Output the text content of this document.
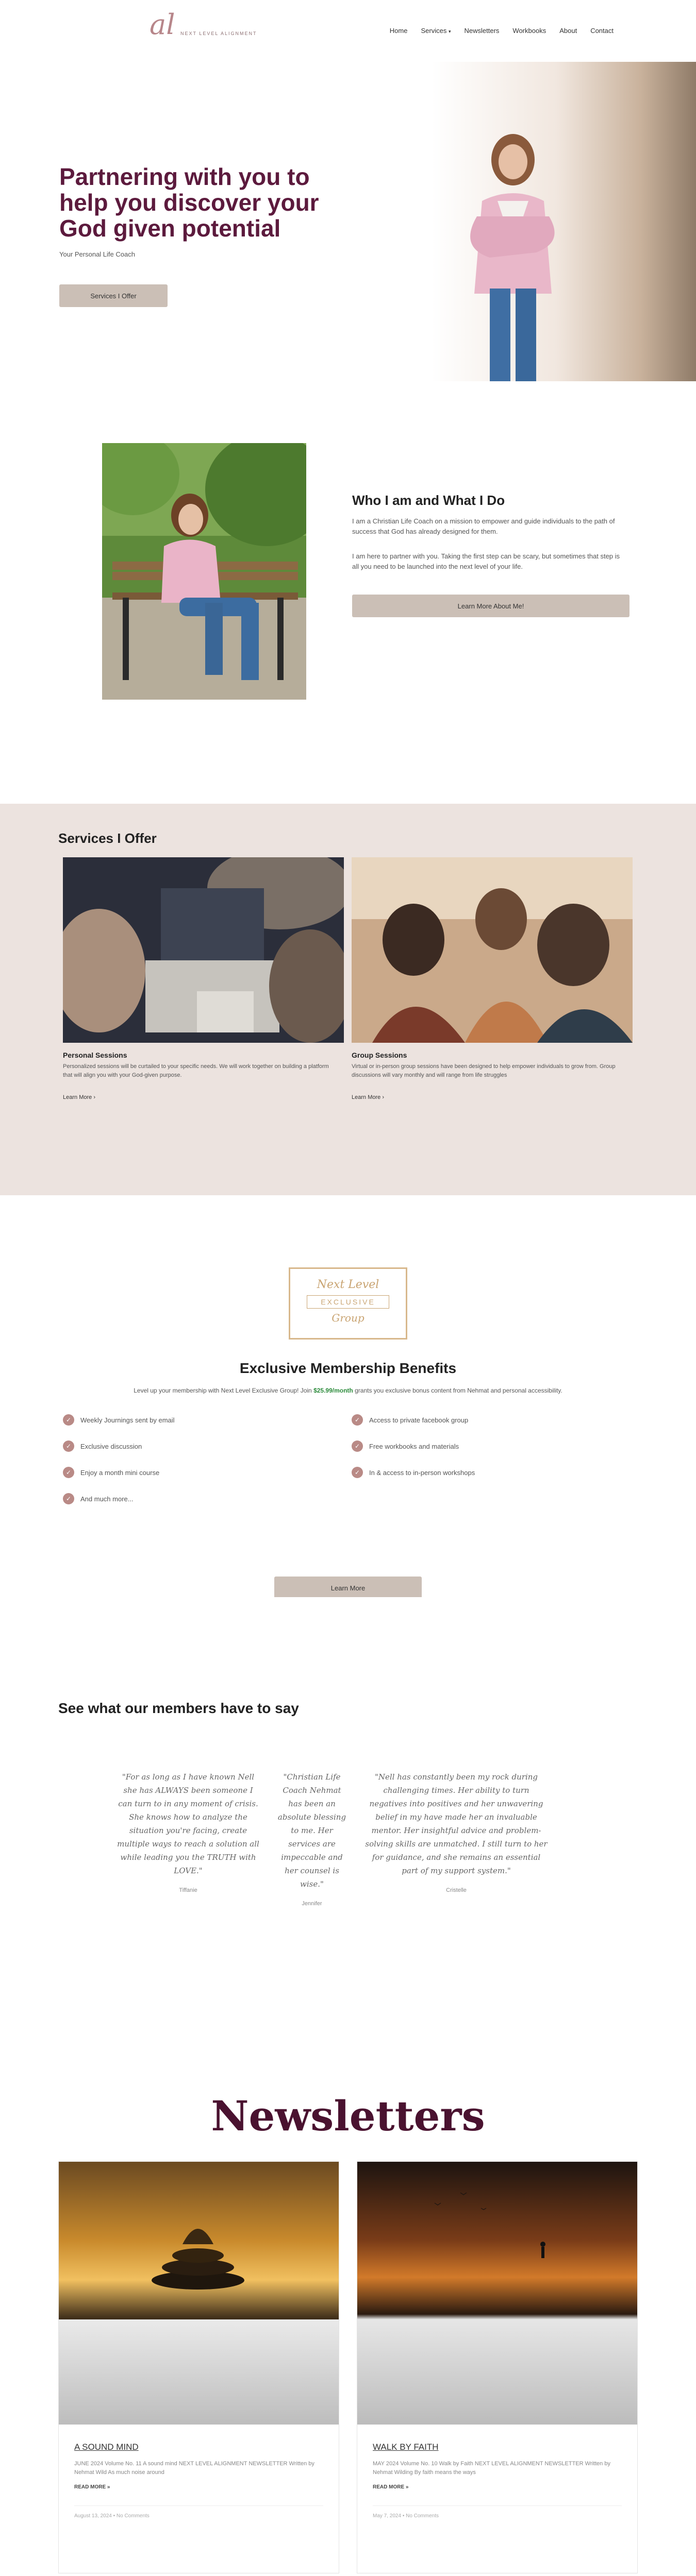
al NEXT LEVEL ALIGNMENT	Home Services ▾ Newsletters Workbooks About Contact
Partnering with you to help you discover your God given potential
Your Personal Life Coach
Services I Offer
Who I am and What I Do
I am a Christian Life Coach on a mission to empower and guide individuals to the path of success that God has already designed for them.
I am here to partner with you. Taking the first step can be scary, but sometimes that step is all you need to be launched into the next level of your life.
Learn More About Me!
Services I Offer
Personal Sessions
Personalized sessions will be curtailed to your specific needs. We will work together on building a platform that will align you with your God-given purpose.
Learn More ›
Group Sessions
Virtual or in-person group sessions have been designed to help empower individuals to grow from. Group discussions will vary monthly and will range from life struggles
Learn More ›
Next Level
EXCLUSIVE
Group
Exclusive Membership Benefits
Level up your membership with Next Level Exclusive Group! Join $25.99/month grants you exclusive bonus content from Nehmat and personal accessibility.
✓	Weekly Journings sent by email	✓	Access to private facebook group
✓	Exclusive discussion	✓	Free workbooks and materials
✓	Enjoy a month mini course	✓	In & access to in-person workshops
✓	And much more...
Learn More
See what our members have to say
"For as long as I have known Nell she has ALWAYS been someone I can turn to in any moment of crisis. She knows how to analyze the situation you're facing, create multiple ways to reach a solution all while leading you the TRUTH with LOVE."
Tiffanie
"Christian Life Coach Nehmat has been an absolute blessing to me. Her services are impeccable and her counsel is wise."
Jennifer
"Nell has constantly been my rock during challenging times. Her ability to turn negatives into positives and her unwavering belief in my have made her an invaluable mentor. Her insightful advice and problem-solving skills are unmatched. I still turn to her for guidance, and she remains an essential part of my support system."
Cristelle
Newsletters
A SOUND MIND
JUNE 2024 Volume No. 11 A sound mind NEXT LEVEL ALIGNMENT NEWSLETTER Written by Nehmat Wild As much noise around
READ MORE »
August 13, 2024 • No Comments
WALK BY FAITH
MAY 2024 Volume No. 10 Walk by Faith NEXT LEVEL ALIGNMENT NEWSLETTER Written by Nehmat Wilding By faith means the ways
READ MORE »
May 7, 2024 • No Comments
